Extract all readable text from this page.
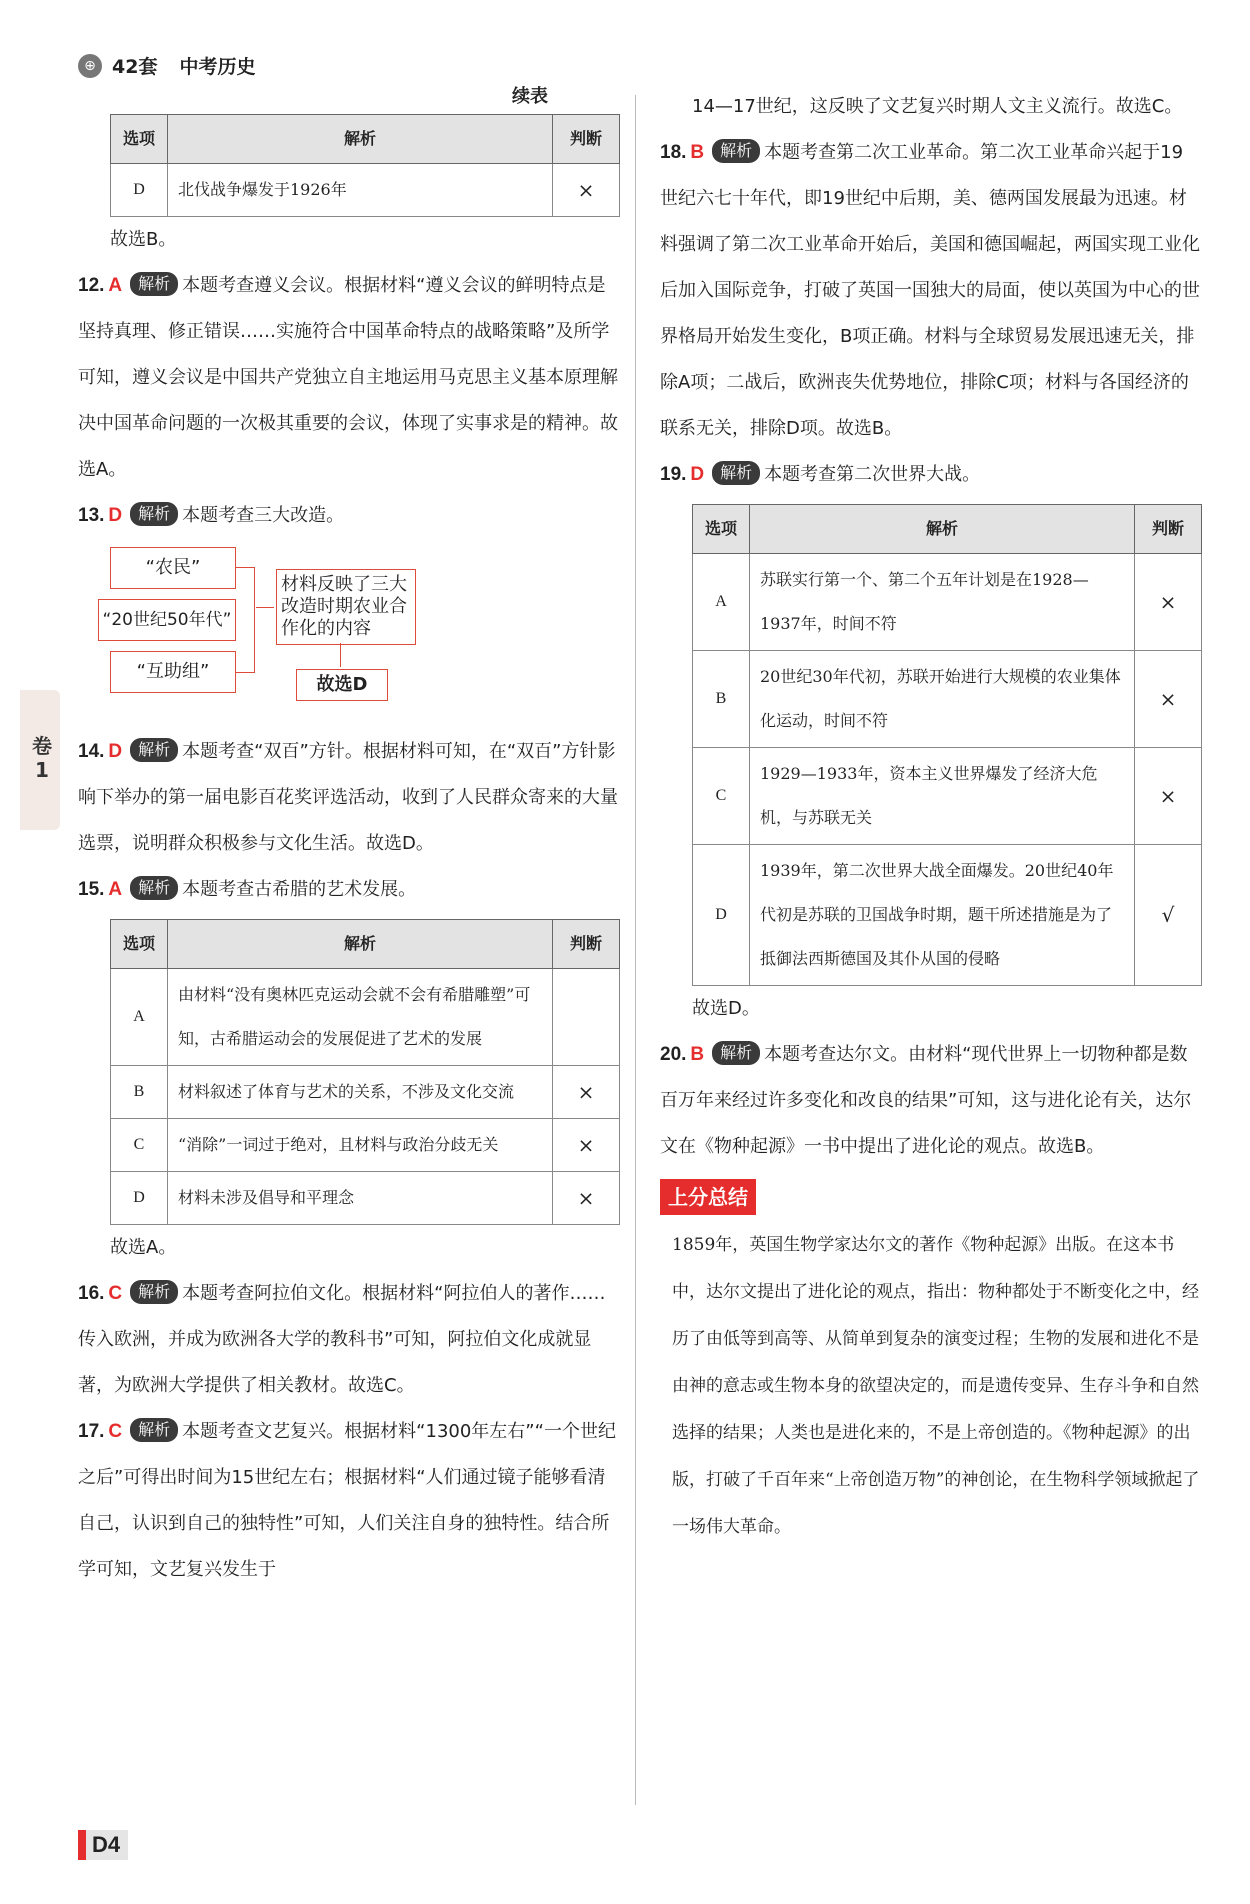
⊕ 42套 中考历史
卷1
续表
选项	解析	判断
D	北伐战争爆发于1926年	×

故选B。

12. A 解析 本题考查遵义会议。根据材料“遵义会议的鲜明特点是坚持真理、修正错误……实施符合中国革命特点的战略策略”及所学可知，遵义会议是中国共产党独立自主地运用马克思主义基本原理解决中国革命问题的一次极其重要的会议，体现了实事求是的精神。故选A。

13. D 解析 本题考查三大改造。

“农民”
“20世纪50年代”
“互助组”
材料反映了三大改造时期农业合作化的内容
故选D

14. D 解析 本题考查“双百”方针。根据材料可知，在“双百”方针影响下举办的第一届电影百花奖评选活动，收到了人民群众寄来的大量选票，说明群众积极参与文化生活。故选D。

15. A 解析 本题考查古希腊的艺术发展。

选项	解析	判断
A	由材料“没有奥林匹克运动会就不会有希腊雕塑”可知，古希腊运动会的发展促进了艺术的发展	
B	材料叙述了体育与艺术的关系，不涉及文化交流	×
C	“消除”一词过于绝对，且材料与政治分歧无关	×
D	材料未涉及倡导和平理念	×

故选A。

16. C 解析 本题考查阿拉伯文化。根据材料“阿拉伯人的著作……传入欧洲，并成为欧洲各大学的教科书”可知，阿拉伯文化成就显著，为欧洲大学提供了相关教材。故选C。

17. C 解析 本题考查文艺复兴。根据材料“1300年左右”“一个世纪之后”可得出时间为15世纪左右；根据材料“人们通过镜子能够看清自己，认识到自己的独特性”可知，人们关注自身的独特性。结合所学可知，文艺复兴发生于

14—17世纪，这反映了文艺复兴时期人文主义流行。故选C。

18. B 解析 本题考查第二次工业革命。第二次工业革命兴起于19世纪六七十年代，即19世纪中后期，美、德两国发展最为迅速。材料强调了第二次工业革命开始后，美国和德国崛起，两国实现工业化后加入国际竞争，打破了英国一国独大的局面，使以英国为中心的世界格局开始发生变化，B项正确。材料与全球贸易发展迅速无关，排除A项；二战后，欧洲丧失优势地位，排除C项；材料与各国经济的联系无关，排除D项。故选B。

19. D 解析 本题考查第二次世界大战。

选项	解析	判断
A	苏联实行第一个、第二个五年计划是在1928—1937年，时间不符	×
B	20世纪30年代初，苏联开始进行大规模的农业集体化运动，时间不符	×
C	1929—1933年，资本主义世界爆发了经济大危机，与苏联无关	×
D	1939年，第二次世界大战全面爆发。20世纪40年代初是苏联的卫国战争时期，题干所述措施是为了抵御法西斯德国及其仆从国的侵略	√

故选D。

20. B 解析 本题考查达尔文。由材料“现代世界上一切物种都是数百万年来经过许多变化和改良的结果”可知，这与进化论有关，达尔文在《物种起源》一书中提出了进化论的观点。故选B。

上分总结

1859年，英国生物学家达尔文的著作《物种起源》出版。在这本书中，达尔文提出了进化论的观点，指出：物种都处于不断变化之中，经历了由低等到高等、从简单到复杂的演变过程；生物的发展和进化不是由神的意志或生物本身的欲望决定的，而是遗传变异、生存斗争和自然选择的结果；人类也是进化来的，不是上帝创造的。《物种起源》的出版，打破了千百年来“上帝创造万物”的神创论，在生物科学领域掀起了一场伟大革命。

D4
